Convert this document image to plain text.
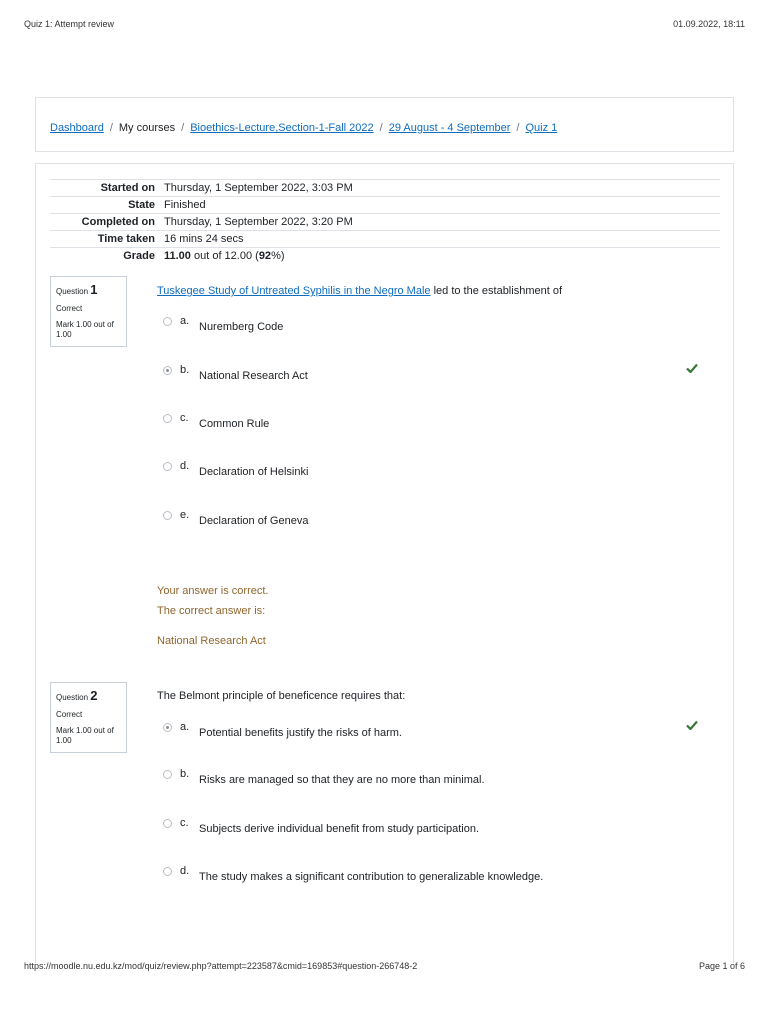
Quiz 1: Attempt review	01.09.2022, 18:11
Dashboard / My courses / Bioethics-Lecture,Section-1-Fall 2022 / 29 August - 4 September / Quiz 1
Started on	Thursday, 1 September 2022, 3:03 PM
State	Finished
Completed on	Thursday, 1 September 2022, 3:20 PM
Time taken	16 mins 24 secs
Grade	11.00 out of 12.00 (92%)
Question 1
Correct
Mark 1.00 out of 1.00
Tuskegee Study of Untreated Syphilis in the Negro Male led to the establishment of
a. Nuremberg Code
b. National Research Act
c. Common Rule
d. Declaration of Helsinki
e. Declaration of Geneva
Your answer is correct.
The correct answer is:
National Research Act
Question 2
Correct
Mark 1.00 out of 1.00
The Belmont principle of beneficence requires that:
a. Potential benefits justify the risks of harm.
b. Risks are managed so that they are no more than minimal.
c. Subjects derive individual benefit from study participation.
d. The study makes a significant contribution to generalizable knowledge.
https://moodle.nu.edu.kz/mod/quiz/review.php?attempt=223587&cmid=169853#question-266748-2	Page 1 of 6
